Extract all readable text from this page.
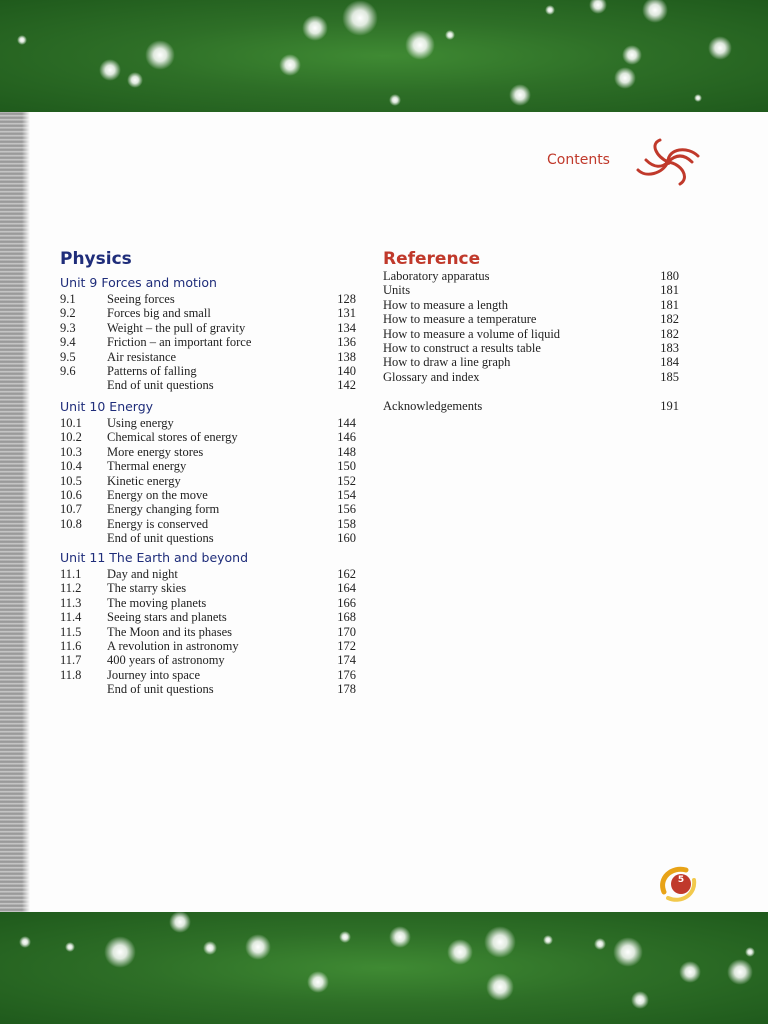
Contents
Physics	Reference
5
Unit 9 Forces and motion
9.1	Seeing forces	128
9.2	Forces big and small	131
9.3	Weight – the pull of gravity	134
9.4	Friction – an important force	136
9.5	Air resistance	138
9.6	Patterns of falling	140
End of unit questions	142
Unit 10 Energy
10.1 Using energy	144
10.2 Chemical stores of energy	146
10.3 More energy stores	148
10.4 Thermal energy	150
10.5 Kinetic energy	152
10.6 Energy on the move	154
10.7 Energy changing form	156
10.8 Energy is conserved	158
End of unit questions	160
Unit 11 The Earth and beyond
11.1 Day and night	162
11.2 The starry skies	164
11.3 The moving planets	166
11.4 Seeing stars and planets	168
11.5 The Moon and its phases	170
11.6 A revolution in astronomy	172
11.7 400 years of astronomy	174
11.8 Journey into space	176
End of unit questions	178
Laboratory apparatus	180
Units	181
How to measure a length	181
How to measure a temperature	182
How to measure a volume of liquid	182
How to construct a results table	183
How to draw a line graph	184
Glossary and index	185
Acknowledgements	191
